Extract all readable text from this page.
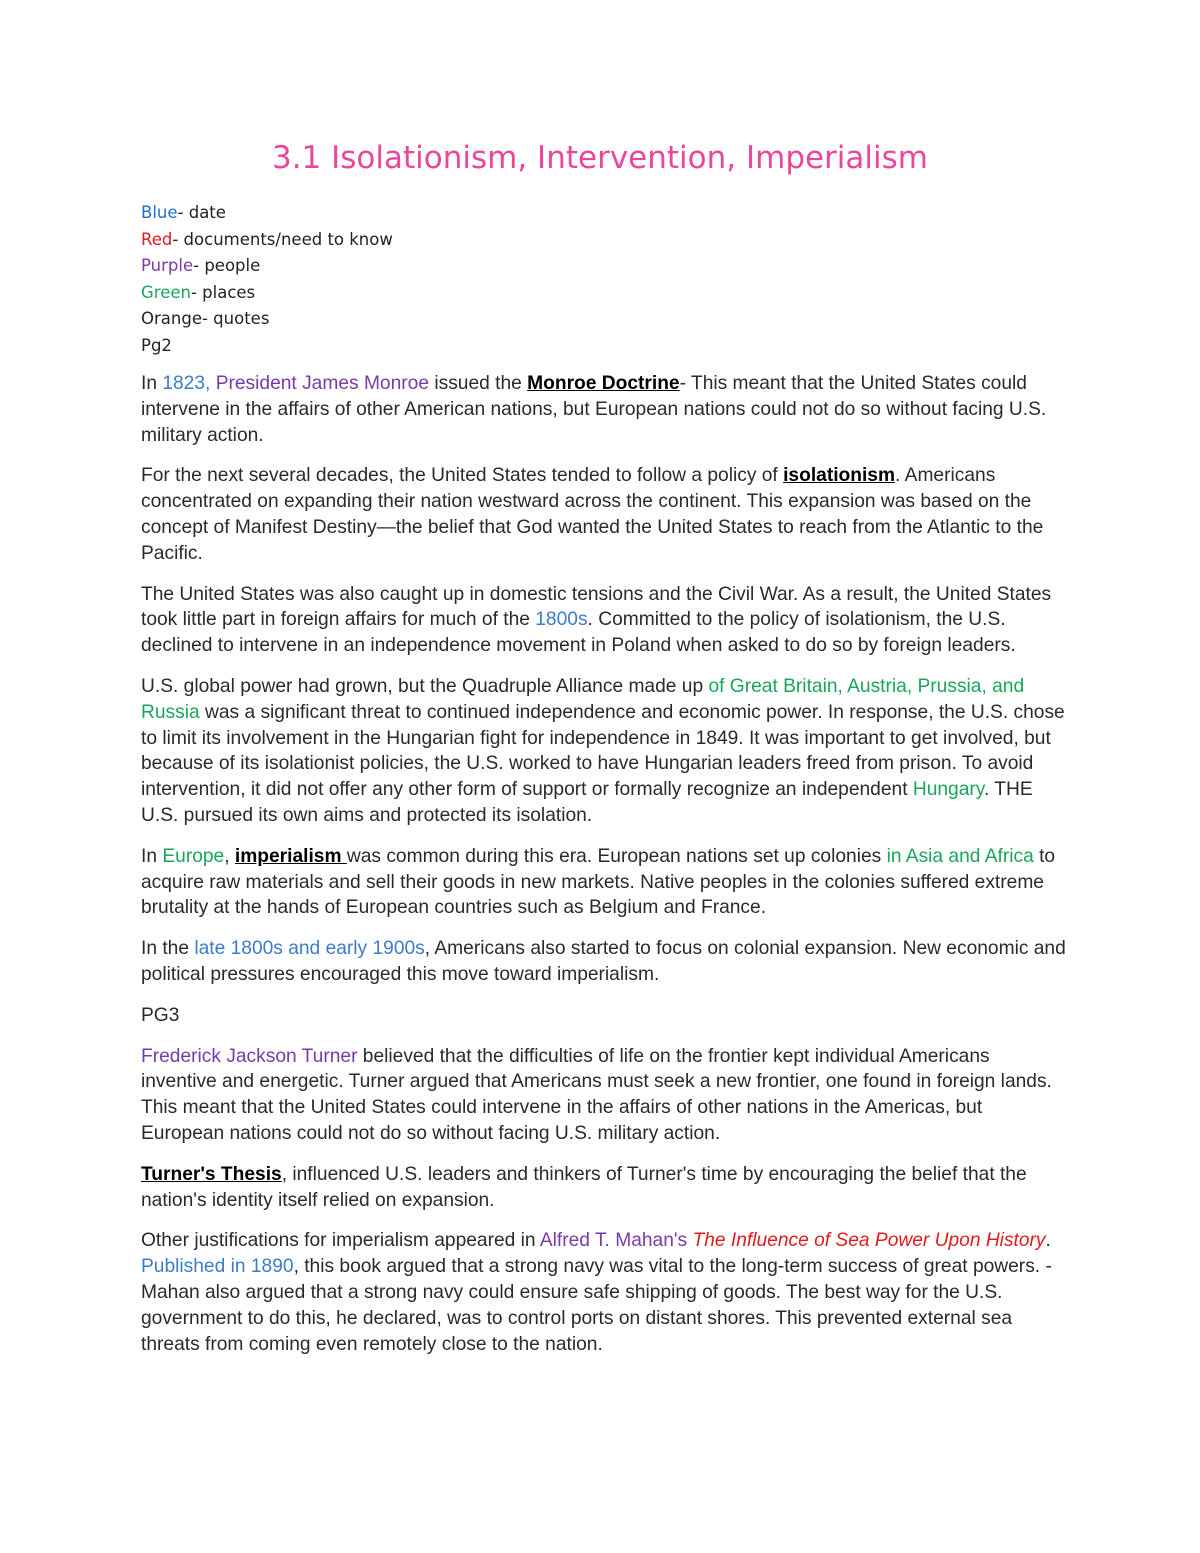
3.1 Isolationism, Intervention, Imperialism
Blue- date
Red- documents/need to know
Purple- people
Green- places
Orange- quotes
Pg2

In 1823, President James Monroe issued the Monroe Doctrine- This meant that the United States could intervene in the affairs of other American nations, but European nations could not do so without facing U.S. military action.

For the next several decades, the United States tended to follow a policy of isolationism. Americans concentrated on expanding their nation westward across the continent. This expansion was based on the concept of Manifest Destiny—the belief that God wanted the United States to reach from the Atlantic to the Pacific.

The United States was also caught up in domestic tensions and the Civil War. As a result, the United States took little part in foreign affairs for much of the 1800s. Committed to the policy of isolationism, the U.S. declined to intervene in an independence movement in Poland when asked to do so by foreign leaders.

U.S. global power had grown, but the Quadruple Alliance made up of Great Britain, Austria, Prussia, and Russia was a significant threat to continued independence and economic power. In response, the U.S. chose to limit its involvement in the Hungarian fight for independence in 1849. It was important to get involved, but because of its isolationist policies, the U.S. worked to have Hungarian leaders freed from prison. To avoid intervention, it did not offer any other form of support or formally recognize an independent Hungary. THE U.S. pursued its own aims and protected its isolation.

In Europe, imperialism was common during this era. European nations set up colonies in Asia and Africa to acquire raw materials and sell their goods in new markets. Native peoples in the colonies suffered extreme brutality at the hands of European countries such as Belgium and France.

In the late 1800s and early 1900s, Americans also started to focus on colonial expansion. New economic and political pressures encouraged this move toward imperialism.

PG3

Frederick Jackson Turner believed that the difficulties of life on the frontier kept individual Americans inventive and energetic. Turner argued that Americans must seek a new frontier, one found in foreign lands. This meant that the United States could intervene in the affairs of other nations in the Americas, but European nations could not do so without facing U.S. military action.

Turner's Thesis, influenced U.S. leaders and thinkers of Turner's time by encouraging the belief that the nation's identity itself relied on expansion.

Other justifications for imperialism appeared in Alfred T. Mahan's The Influence of Sea Power Upon History. Published in 1890, this book argued that a strong navy was vital to the long-term success of great powers. - Mahan also argued that a strong navy could ensure safe shipping of goods. The best way for the U.S. government to do this, he declared, was to control ports on distant shores. This prevented external sea threats from coming even remotely close to the nation.
